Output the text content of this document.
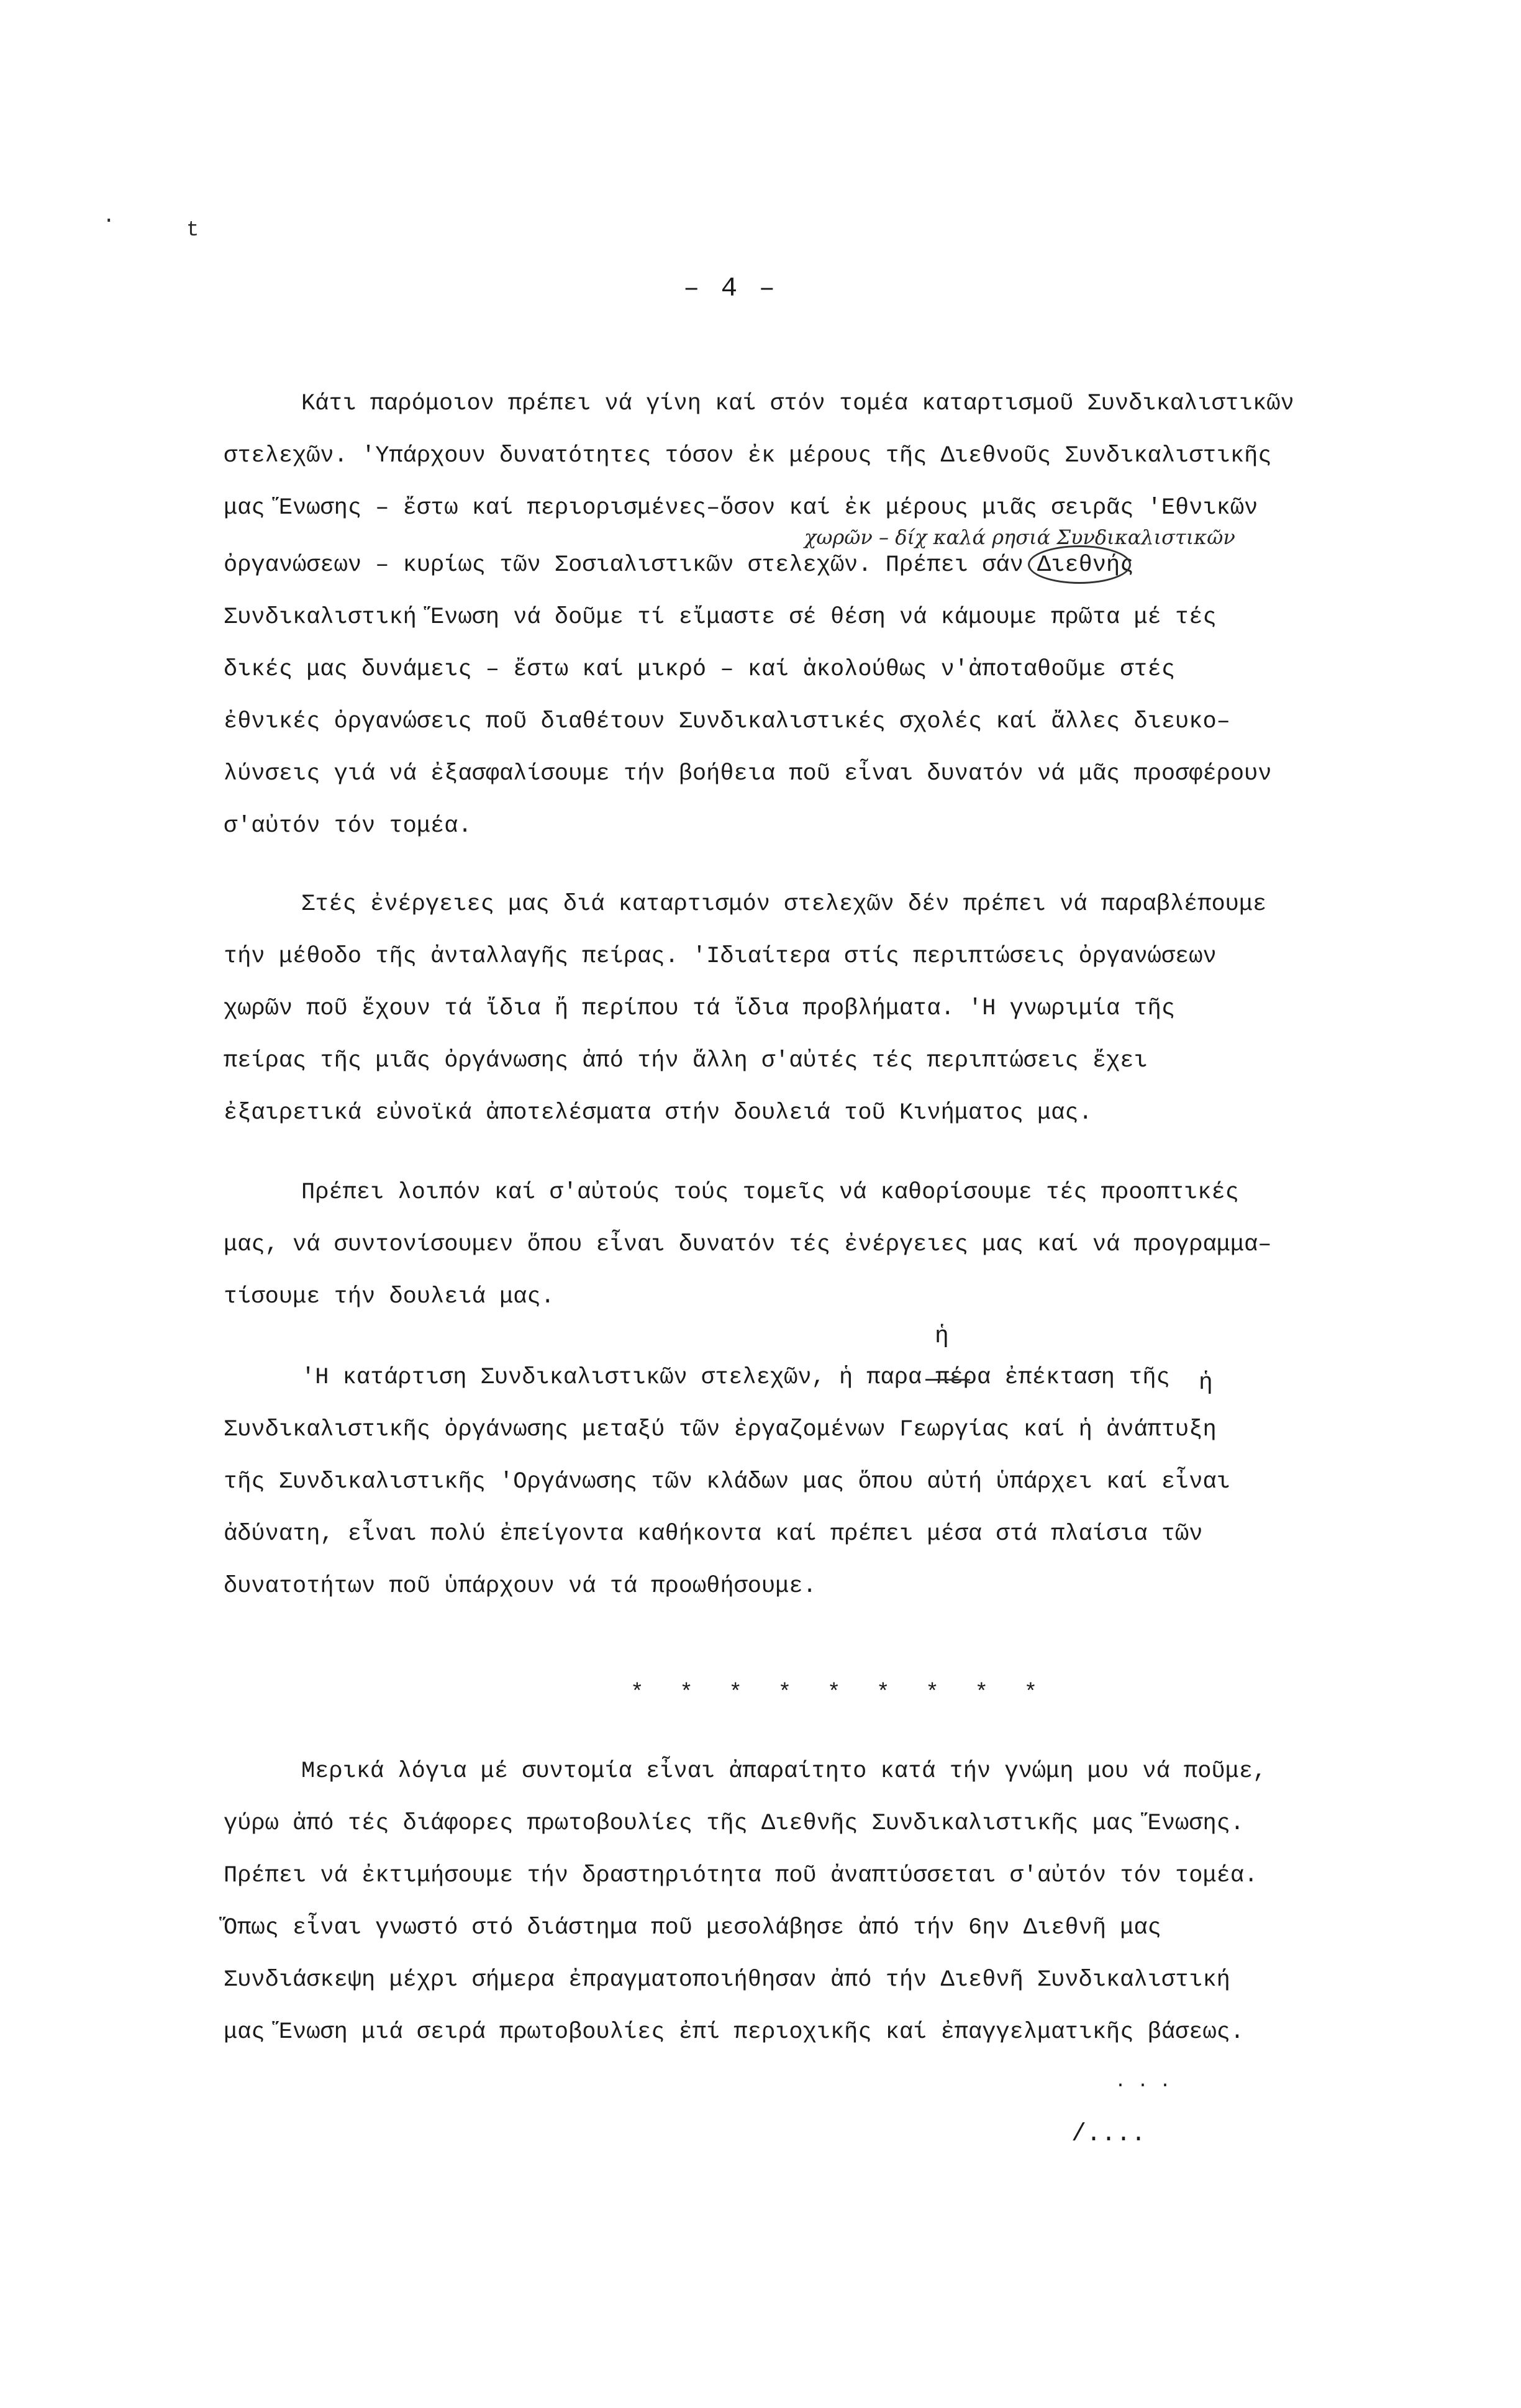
.
t
– 4 –
Κάτι παρόμοιον πρέπει νά γίνη καί στόν τομέα καταρτισμοῦ Συνδικαλιστικῶν
στελεχῶν. 'Υπάρχουν δυνατότητες τόσον ἐκ μέρους τῆς Διεθνοῦς Συνδικαλιστικῆς
μας Ἕνωσης – ἔστω καί περιορισμένες–ὅσον καί ἐκ μέρους μιᾶς σειρᾶς 'Εθνικῶν
χωρῶν – δίχ καλά ρησιά Συνδικαλιστικῶν
ὀργανώσεων – κυρίως τῶν Σοσιαλιστικῶν στελεχῶν. Πρέπει σάν Διεθνής
Συνδικαλιστική Ἕνωση νά δοῦμε τί εἴμαστε σέ θέση νά κάμουμε πρῶτα μέ τές
δικές μας δυνάμεις – ἔστω καί μικρό – καί ἀκολούθως ν'ἀποταθοῦμε στές
ἐθνικές ὀργανώσεις ποῦ διαθέτουν Συνδικαλιστικές σχολές καί ἄλλες διευκο–
λύνσεις γιά νά ἐξασφαλίσουμε τήν βοήθεια ποῦ εἶναι δυνατόν νά μᾶς προσφέρουν
σ'αὐτόν τόν τομέα.
Στές ἐνέργειες μας διά καταρτισμόν στελεχῶν δέν πρέπει νά παραβλέπουμε
τήν μέθοδο τῆς ἀνταλλαγῆς πείρας. 'Ιδιαίτερα στίς περιπτώσεις ὀργανώσεων
χωρῶν ποῦ ἔχουν τά ἴδια ἤ περίπου τά ἴδια προβλήματα. 'Η γνωριμία τῆς
πείρας τῆς μιᾶς ὀργάνωσης ἀπό τήν ἄλλη σ'αὐτές τές περιπτώσεις ἔχει
ἐξαιρετικά εὐνοϊκά ἀποτελέσματα στήν δουλειά τοῦ Κινήματος μας.
Πρέπει λοιπόν καί σ'αὐτούς τούς τομεῖς νά καθορίσουμε τές προοπτικές
μας, νά συντονίσουμεν ὅπου εἶναι δυνατόν τές ἐνέργειες μας καί νά προγραμμα–
τίσουμε τήν δουλειά μας.
ἡ
'Η κατάρτιση Συνδικαλιστικῶν στελεχῶν, ἡ παρα πέρα ἐπέκταση τῆς ἡ
Συνδικαλιστικῆς ὀργάνωσης μεταξύ τῶν ἐργαζομένων Γεωργίας καί ἡ ἀνάπτυξη
τῆς Συνδικαλιστικῆς 'Οργάνωσης τῶν κλάδων μας ὅπου αὐτή ὑπάρχει καί εἶναι
ἀδύνατη, εἶναι πολύ ἐπείγοντα καθήκοντα καί πρέπει μέσα στά πλαίσια τῶν
δυνατοτήτων ποῦ ὑπάρχουν νά τά προωθήσουμε.
* * * * * * * * *
Μερικά λόγια μέ συντομία εἶναι ἀπαραίτητο κατά τήν γνώμη μου νά ποῦμε,
γύρω ἀπό τές διάφορες πρωτοβουλίες τῆς Διεθνῆς Συνδικαλιστικῆς μας Ἕνωσης.
Πρέπει νά ἐκτιμήσουμε τήν δραστηριότητα ποῦ ἀναπτύσσεται σ'αὐτόν τόν τομέα.
Ὅπως εἶναι γνωστό στό διάστημα ποῦ μεσολάβησε ἀπό τήν 6ην Διεθνῆ μας
Συνδιάσκεψη μέχρι σήμερα ἐπραγματοποιήθησαν ἀπό τήν Διεθνῆ Συνδικαλιστική
μας Ἕνωση μιά σειρά πρωτοβουλίες ἐπί περιοχικῆς καί ἐπαγγελματικῆς βάσεως.
. . .
/....
